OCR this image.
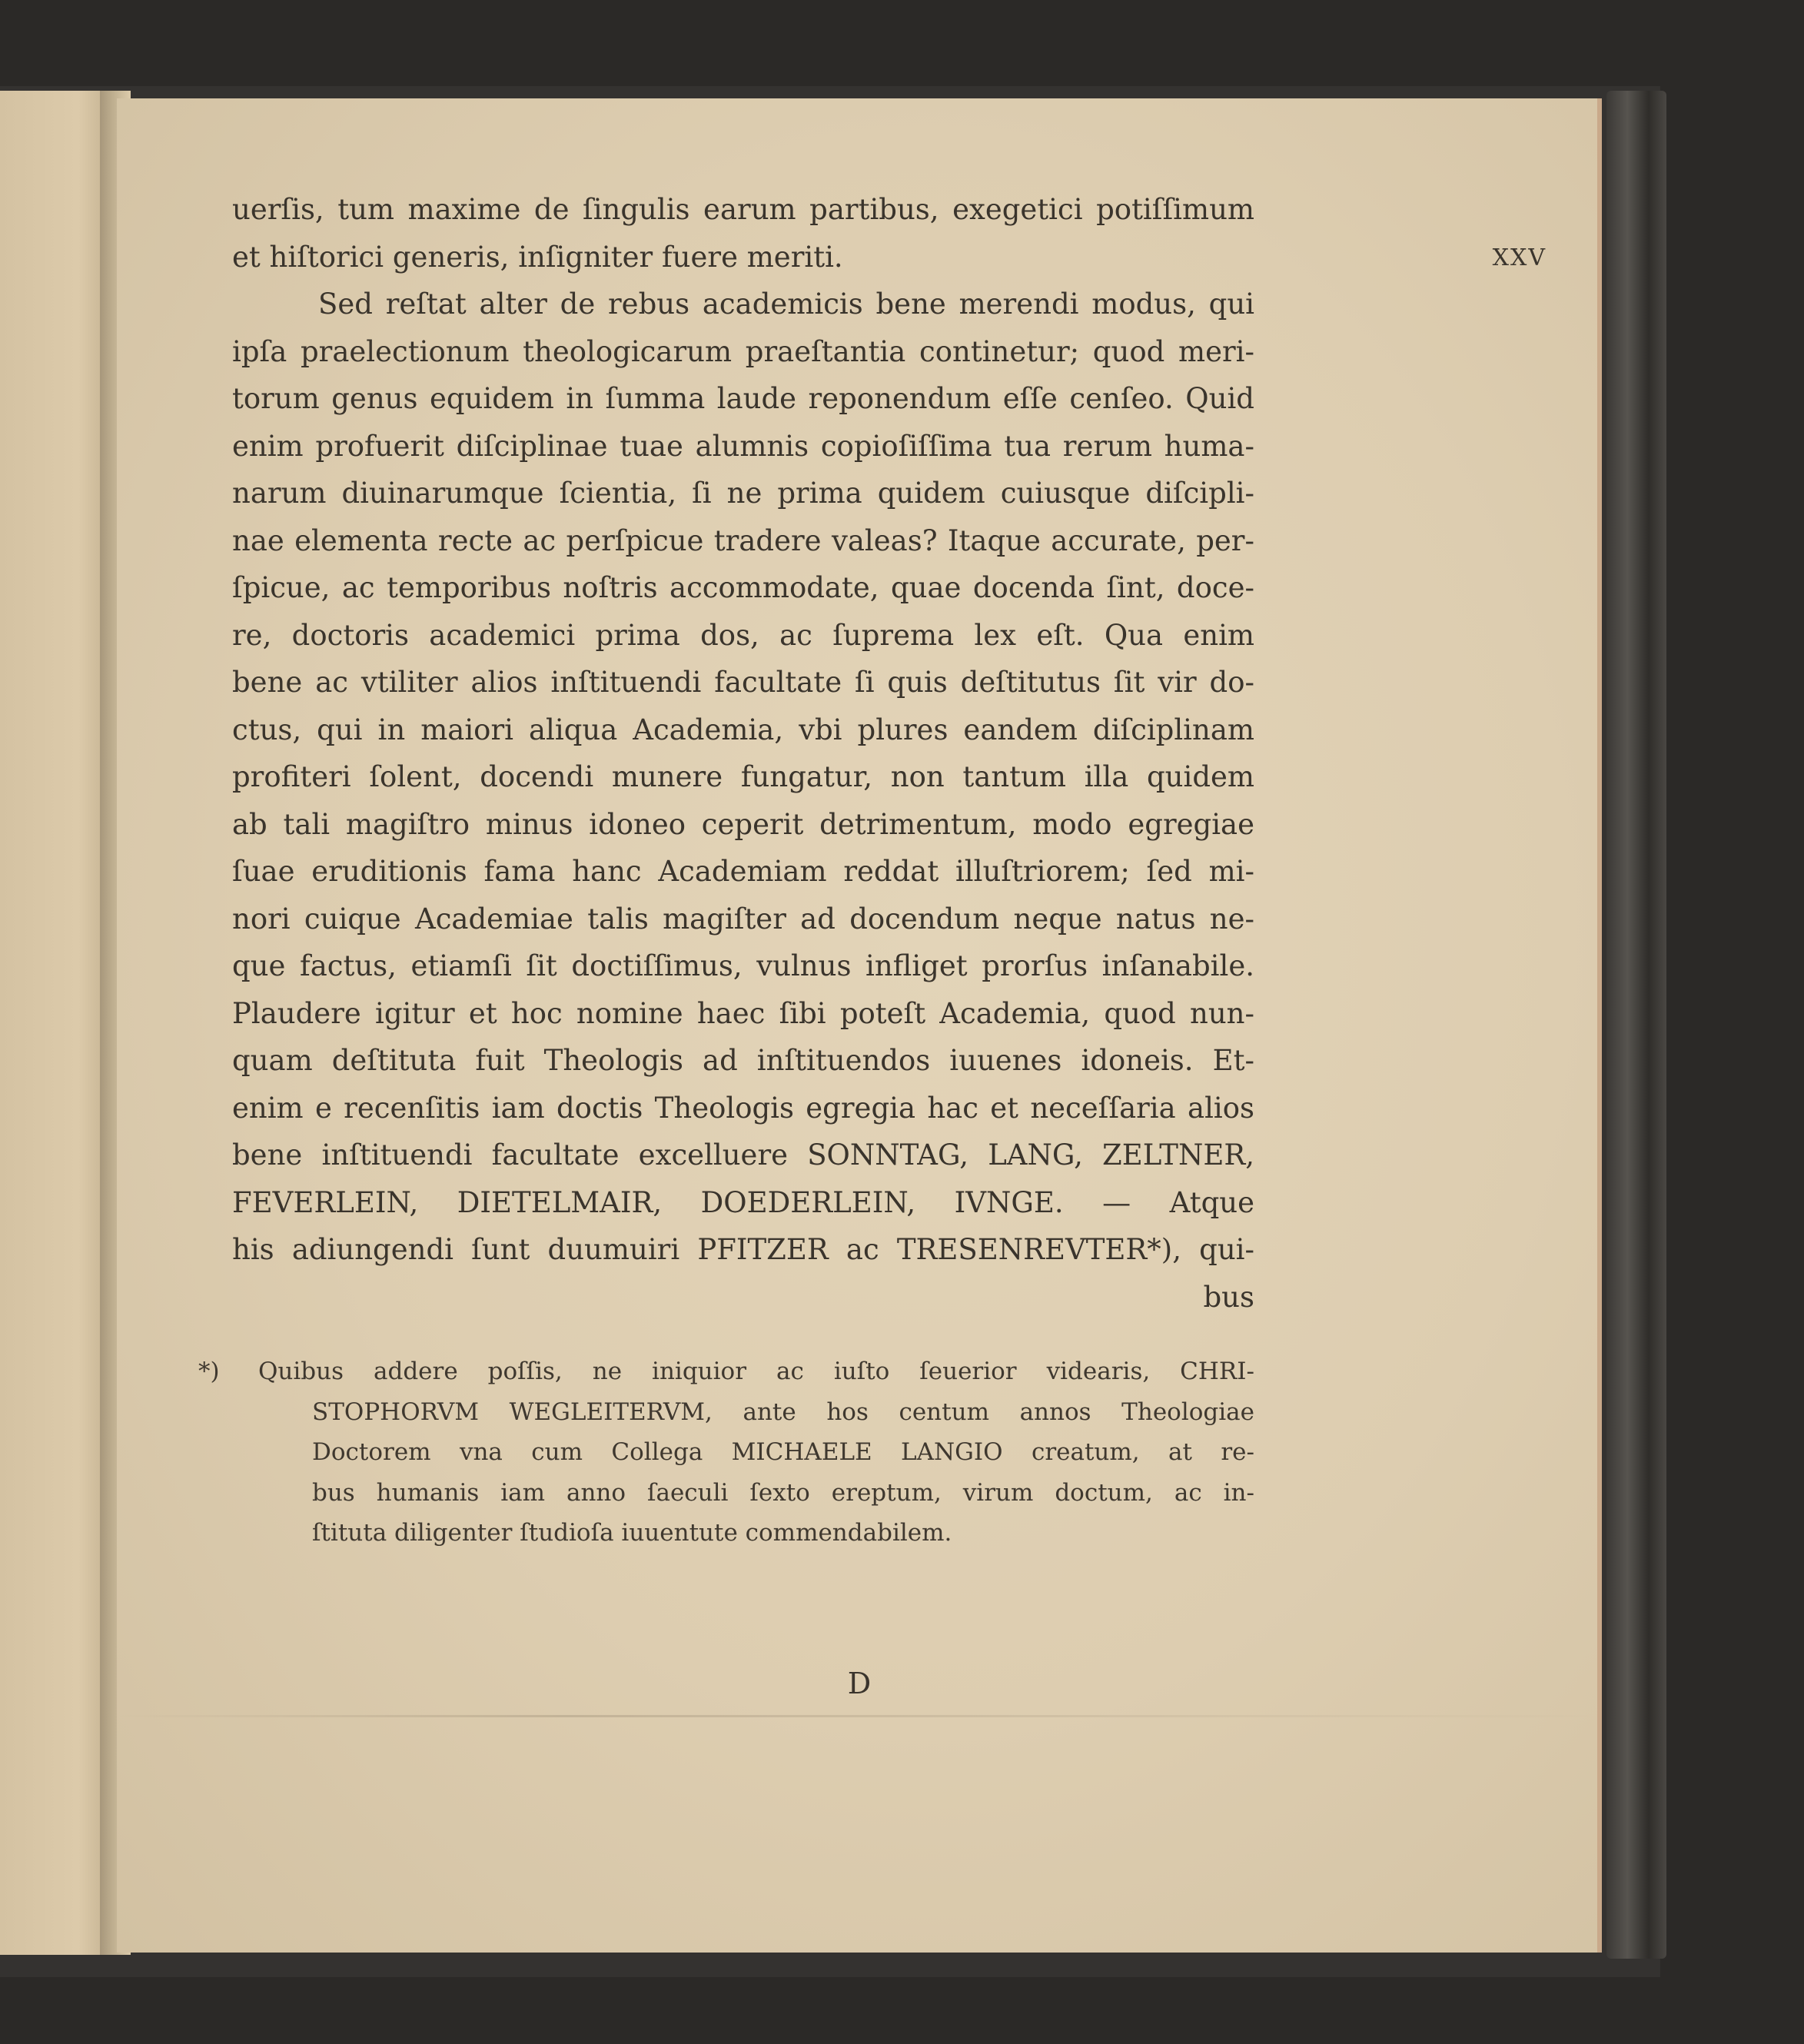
XXV
D
uerſis, tum maxime de ſingulis earum partibus, exegetici potiſſimum
et hiſtorici generis, inſigniter fuere meriti.
Sed reſtat alter de rebus academicis bene merendi modus, qui
ipſa praelectionum theologicarum praeſtantia continetur; quod meri-
torum genus equidem in ſumma laude reponendum eſſe cenſeo. Quid
enim profuerit diſciplinae tuae alumnis copioſiſſima tua rerum huma-
narum diuinarumque ſcientia, ſi ne prima quidem cuiusque diſcipli-
nae elementa recte ac perſpicue tradere valeas? Itaque accurate, per-
ſpicue, ac temporibus noſtris accommodate, quae docenda ſint, doce-
re, doctoris academici prima dos, ac ſuprema lex eſt. Qua enim
bene ac vtiliter alios inſtituendi facultate ſi quis deſtitutus ſit vir do-
ctus, qui in maiori aliqua Academia, vbi plures eandem diſciplinam
profiteri ſolent, docendi munere fungatur, non tantum illa quidem
ab tali magiſtro minus idoneo ceperit detrimentum, modo egregiae
ſuae eruditionis fama hanc Academiam reddat illuſtriorem; ſed mi-
nori cuique Academiae talis magiſter ad docendum neque natus ne-
que factus, etiamſi ſit doctiſſimus, vulnus infliget prorſus inſanabile.
Plaudere igitur et hoc nomine haec ſibi poteſt Academia, quod nun-
quam deſtituta fuit Theologis ad inſtituendos iuuenes idoneis. Et-
enim e recenſitis iam doctis Theologis egregia hac et neceſſaria alios
bene inſtituendi facultate excelluere SONNTAG, LANG, ZELTNER,
FEVERLEIN, DIETELMAIR, DOEDERLEIN, IVNGE. — Atque
his adiungendi ſunt duumuiri PFITZER ac TRESENREVTER*), qui-
bus
*) Quibus addere poſſis, ne iniquior ac iuſto ſeuerior videaris, CHRI-
STOPHORVM WEGLEITERVM, ante hos centum annos Theologiae
Doctorem vna cum Collega MICHAELE LANGIO creatum, at re-
bus humanis iam anno ſaeculi ſexto ereptum, virum doctum, ac in-
ſtituta diligenter ſtudioſa iuuentute commendabilem.
